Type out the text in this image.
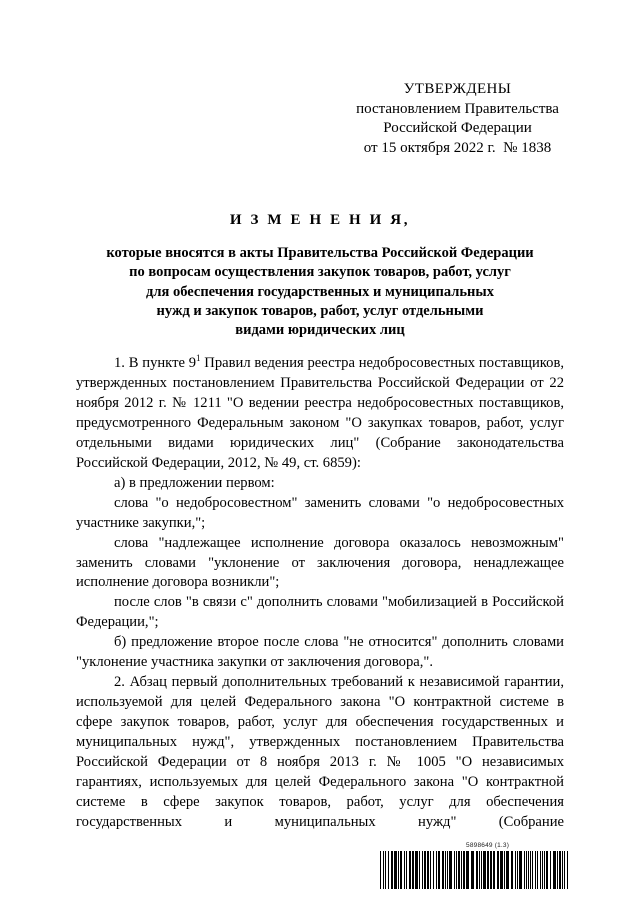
УТВЕРЖДЕНЫ
постановлением Правительства
Российской Федерации
от 15 октября 2022 г.  № 1838
И З М Е Н Е Н И Я,
которые вносятся в акты Правительства Российской Федерации
по вопросам осуществления закупок товаров, работ, услуг
для обеспечения государственных и муниципальных
нужд и закупок товаров, работ, услуг отдельными
видами юридических лиц

1. В пункте $9^1$ Правил ведения реестра недобросовестных поставщиков, утвержденных постановлением Правительства Российской Федерации от 22 ноября 2012 г. № 1211 "О ведении реестра недобросовестных поставщиков, предусмотренного Федеральным законом "О закупках товаров, работ, услуг отдельными видами юридических лиц" (Собрание законодательства Российской Федерации, 2012, № 49, ст. 6859):

а) в предложении первом:

слова "о недобросовестном" заменить словами "о недобросовестных участнике закупки,";

слова "надлежащее исполнение договора оказалось невозможным" заменить словами "уклонение от заключения договора, ненадлежащее исполнение договора возникли";

после слов "в связи с" дополнить словами "мобилизацией в Российской Федерации,";

б) предложение второе после слова "не относится" дополнить словами "уклонение участника закупки от заключения договора,".

2. Абзац первый дополнительных требований к независимой гарантии, используемой для целей Федерального закона "О контрактной системе в сфере закупок товаров, работ, услуг для обеспечения государственных и муниципальных нужд", утвержденных постановлением Правительства Российской Федерации от 8 ноября 2013 г. № 1005 "О независимых гарантиях, используемых для целей Федерального закона "О контрактной системе в сфере закупок товаров, работ, услуг для обеспечения государственных и муниципальных нужд" (Собрание

5898649 (1.3)
